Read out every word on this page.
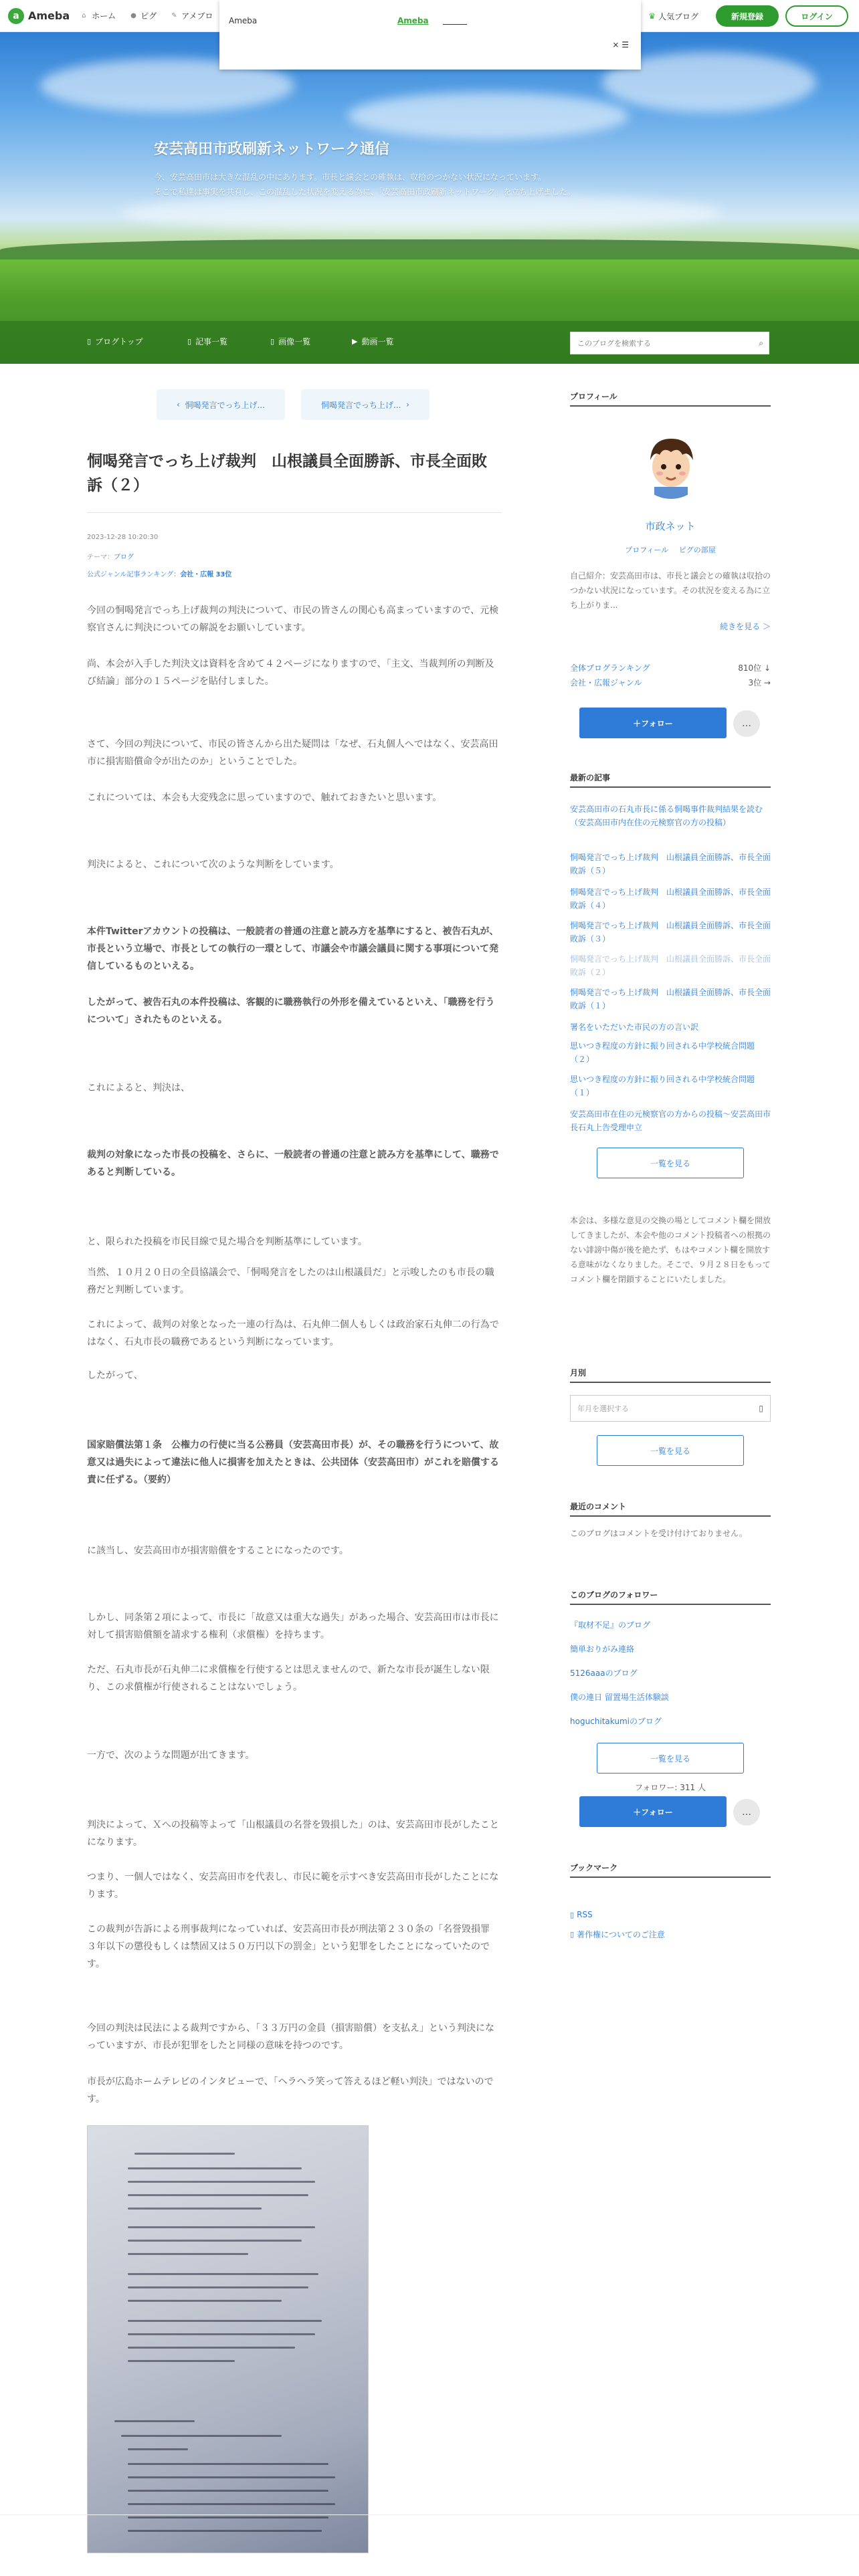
a Ameba ⌂ ホーム ● ピグ ✎ アメブロ	♛ 人気ブログ	新規登録	ログイン
Ameba	Ameba
× ☰
安芸高田市政刷新ネットワーク通信
今、安芸高田市は大きな混乱の中にあります。市長と議会との確執は、収拾のつかない状況になっています。
そこで私達は事実を共有し、この混乱した状況を変える為に、「安芸高田市政刷新ネットワーク」を立ち上げました。
▯ ブログトップ	▯ 記事一覧	▯ 画像一覧	▶ 動画一覧
このブログを検索する	⌕
‹ 恫喝発言でっち上げ...	恫喝発言でっち上げ... ›
恫喝発言でっち上げ裁判　山根議員全面勝訴、市長全面敗訴（２）
2023-12-28 10:20:30
テーマ：ブログ
公式ジャンル記事ランキング：会社・広報 33位
今回の恫喝発言でっち上げ裁判の判決について、市民の皆さんの関心も高まっていますので、元検察官さんに判決についての解説をお願いしています。
尚、本会が入手した判決文は資料を含めて４２ページになりますので、「主文、当裁判所の判断及び結論」部分の１５ページを貼付しました。
さて、今回の判決について、市民の皆さんから出た疑問は「なぜ、石丸個人へではなく、安芸高田市に損害賠償命令が出たのか」ということでした。
これについては、本会も大変残念に思っていますので、触れておきたいと思います。
判決によると、これについて次のような判断をしています。
本件Twitterアカウントの投稿は、一般読者の普通の注意と読み方を基準にすると、被告石丸が、市長という立場で、市長としての執行の一環として、市議会や市議会議員に関する事項について発信しているものといえる。
したがって、被告石丸の本件投稿は、客観的に職務執行の外形を備えているといえ、「職務を行うについて」されたものといえる。
これによると、判決は、
裁判の対象になった市長の投稿を、さらに、一般読者の普通の注意と読み方を基準にして、職務であると判断している。
と、限られた投稿を市民目線で見た場合を判断基準にしています。
当然、１０月２０日の全員協議会で、「恫喝発言をしたのは山根議員だ」と示唆したのも市長の職務だと判断しています。
これによって、裁判の対象となった一連の行為は、石丸伸二個人もしくは政治家石丸伸二の行為ではなく、石丸市長の職務であるという判断になっています。
したがって、
国家賠償法第１条　公権力の行使に当る公務員（安芸高田市長）が、その職務を行うについて、故意又は過失によって違法に他人に損害を加えたときは、公共団体（安芸高田市）がこれを賠償する責に任ずる。（要約）
に該当し、安芸高田市が損害賠償をすることになったのです。
しかし、同条第２項によって、市長に「故意又は重大な過失」があった場合、安芸高田市は市長に対して損害賠償額を請求する権利（求償権）を持ちます。
ただ、石丸市長が石丸伸二に求償権を行使するとは思えませんので、新たな市長が誕生しない限り、この求償権が行使されることはないでしょう。
一方で、次のような問題が出てきます。
判決によって、Ｘへの投稿等よって「山根議員の名誉を毀損した」のは、安芸高田市長がしたことになります。
つまり、一個人ではなく、安芸高田市を代表し、市民に範を示すべき安芸高田市長がしたことになります。
この裁判が告訴による刑事裁判になっていれば、安芸高田市長が刑法第２３０条の「名誉毀損罪　３年以下の懲役もしくは禁固又は５０万円以下の罰金」という犯罪をしたことになっていたのです。
今回の判決は民法による裁判ですから、「３３万円の金員（損害賠償）を支払え」という判決になっていますが、市長が犯罪をしたと同様の意味を持つのです。
市長が広島ホームテレビのインタビューで、「ヘラヘラ笑って答えるほど軽い判決」ではないのです。
プロフィール
市政ネット
プロフィール ピグの部屋
自己紹介：安芸高田市は、市長と議会との確執は収拾のつかない状況になっています。その状況を変える為に立ち上がりま...
続きを見る ＞
全体ブログランキング	810位 ↓
会社・広報ジャンル	3位 →
＋フォロー	…
最新の記事
安芸高田市の石丸市長に係る恫喝事件裁判結果を読む（安芸高田市内在住の元検察官の方の投稿）
恫喝発言でっち上げ裁判　山根議員全面勝訴、市長全面敗訴（５）
恫喝発言でっち上げ裁判　山根議員全面勝訴、市長全面敗訴（４）
恫喝発言でっち上げ裁判　山根議員全面勝訴、市長全面敗訴（３）
恫喝発言でっち上げ裁判　山根議員全面勝訴、市長全面敗訴（２）
恫喝発言でっち上げ裁判　山根議員全面勝訴、市長全面敗訴（１）
署名をいただいた市民の方の言い訳
思いつき程度の方針に振り回される中学校統合問題（２）
思いつき程度の方針に振り回される中学校統合問題（１）
安芸高田市在住の元検察官の方からの投稿～安芸高田市長石丸上告受理申立
一覧を見る
本会は、多様な意見の交換の場としてコメント欄を開放してきましたが、本会や他のコメント投稿者への根拠のない誹謗中傷が後を絶たず、もはやコメント欄を開放する意味がなくなりました。そこで、９月２８日をもってコメント欄を閉鎖することにいたしました。
月別
年月を選択する	▯
一覧を見る
最近のコメント
このブログはコメントを受け付けておりません。
このブログのフォロワー
『取材不足』のブログ
簡単おりがみ連絡
5126aaaのブログ
僕の連日 留置場生活体験談
hoguchitakumiのブログ
一覧を見る
フォロワー: 311 人
＋フォロー	…
ブックマーク
▯ RSS
▯ 著作権についてのご注意
